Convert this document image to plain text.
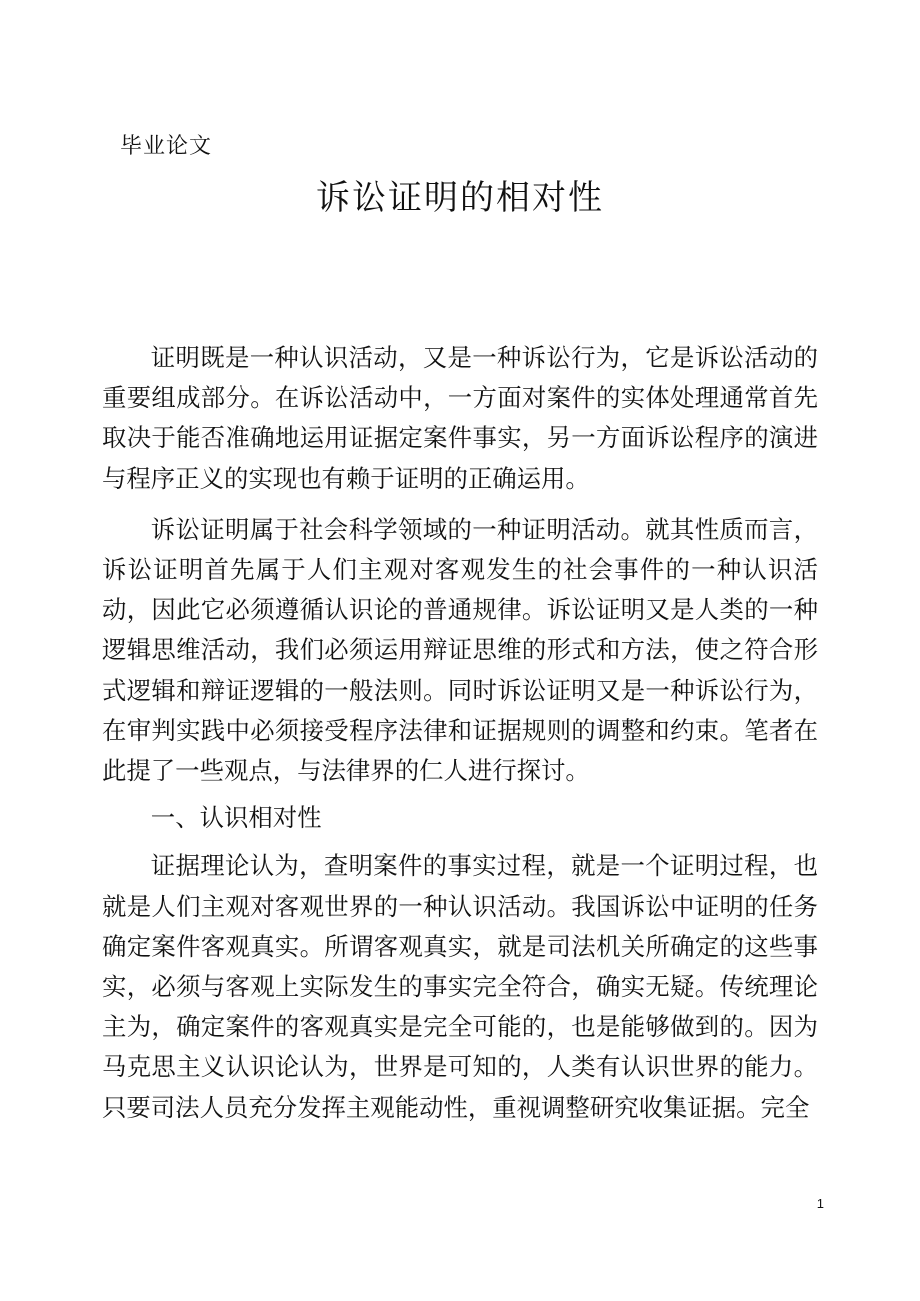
毕业论文
诉讼证明的相对性

证明既是一种认识活动，又是一种诉讼行为，它是诉讼活动的重要组成部分。在诉讼活动中，一方面对案件的实体处理通常首先取决于能否准确地运用证据定案件事实，另一方面诉讼程序的演进与程序正义的实现也有赖于证明的正确运用。

诉讼证明属于社会科学领域的一种证明活动。就其性质而言，诉讼证明首先属于人们主观对客观发生的社会事件的一种认识活动，因此它必须遵循认识论的普通规律。诉讼证明又是人类的一种逻辑思维活动，我们必须运用辩证思维的形式和方法，使之符合形式逻辑和辩证逻辑的一般法则。同时诉讼证明又是一种诉讼行为，在审判实践中必须接受程序法律和证据规则的调整和约束。笔者在此提了一些观点，与法律界的仁人进行探讨。

一、认识相对性

证据理论认为，查明案件的事实过程，就是一个证明过程，也就是人们主观对客观世界的一种认识活动。我国诉讼中证明的任务确定案件客观真实。所谓客观真实，就是司法机关所确定的这些事实，必须与客观上实际发生的事实完全符合，确实无疑。传统理论主为，确定案件的客观真实是完全可能的，也是能够做到的。因为马克思主义认识论认为，世界是可知的，人类有认识世界的能力。只要司法人员充分发挥主观能动性，重视调整研究收集证据。完全

1
